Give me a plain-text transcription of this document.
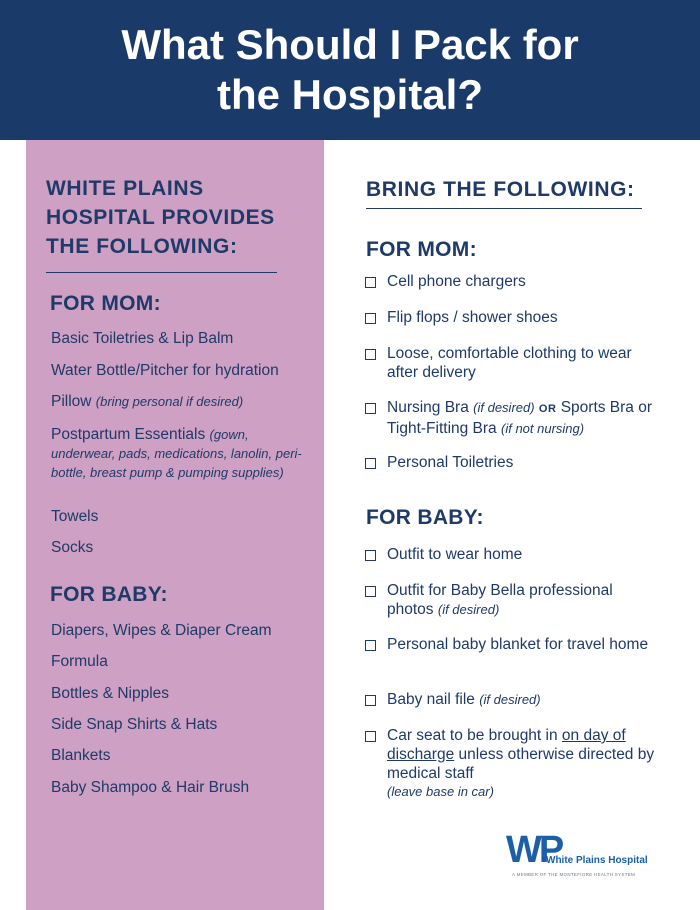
What Should I Pack for the Hospital?
WHITE PLAINS HOSPITAL PROVIDES THE FOLLOWING:
FOR MOM:
Basic Toiletries & Lip Balm
Water Bottle/Pitcher for hydration
Pillow (bring personal if desired)
Postpartum Essentials (gown, underwear, pads, medications, lanolin, peri-bottle, breast pump & pumping supplies)
Towels
Socks
FOR BABY:
Diapers, Wipes & Diaper Cream
Formula
Bottles & Nipples
Side Snap Shirts & Hats
Blankets
Baby Shampoo & Hair Brush
BRING THE FOLLOWING:
FOR MOM:
Cell phone chargers
Flip flops / shower shoes
Loose, comfortable clothing to wear after delivery
Nursing Bra (if desired) OR Sports Bra or Tight-Fitting Bra (if not nursing)
Personal Toiletries
FOR BABY:
Outfit to wear home
Outfit for Baby Bella professional photos (if desired)
Personal baby blanket for travel home
Baby nail file (if desired)
Car seat to be brought in on day of discharge unless otherwise directed by medical staff
(leave base in car)
WP
White Plains Hospital
A MEMBER OF THE MONTEFIORE HEALTH SYSTEM
